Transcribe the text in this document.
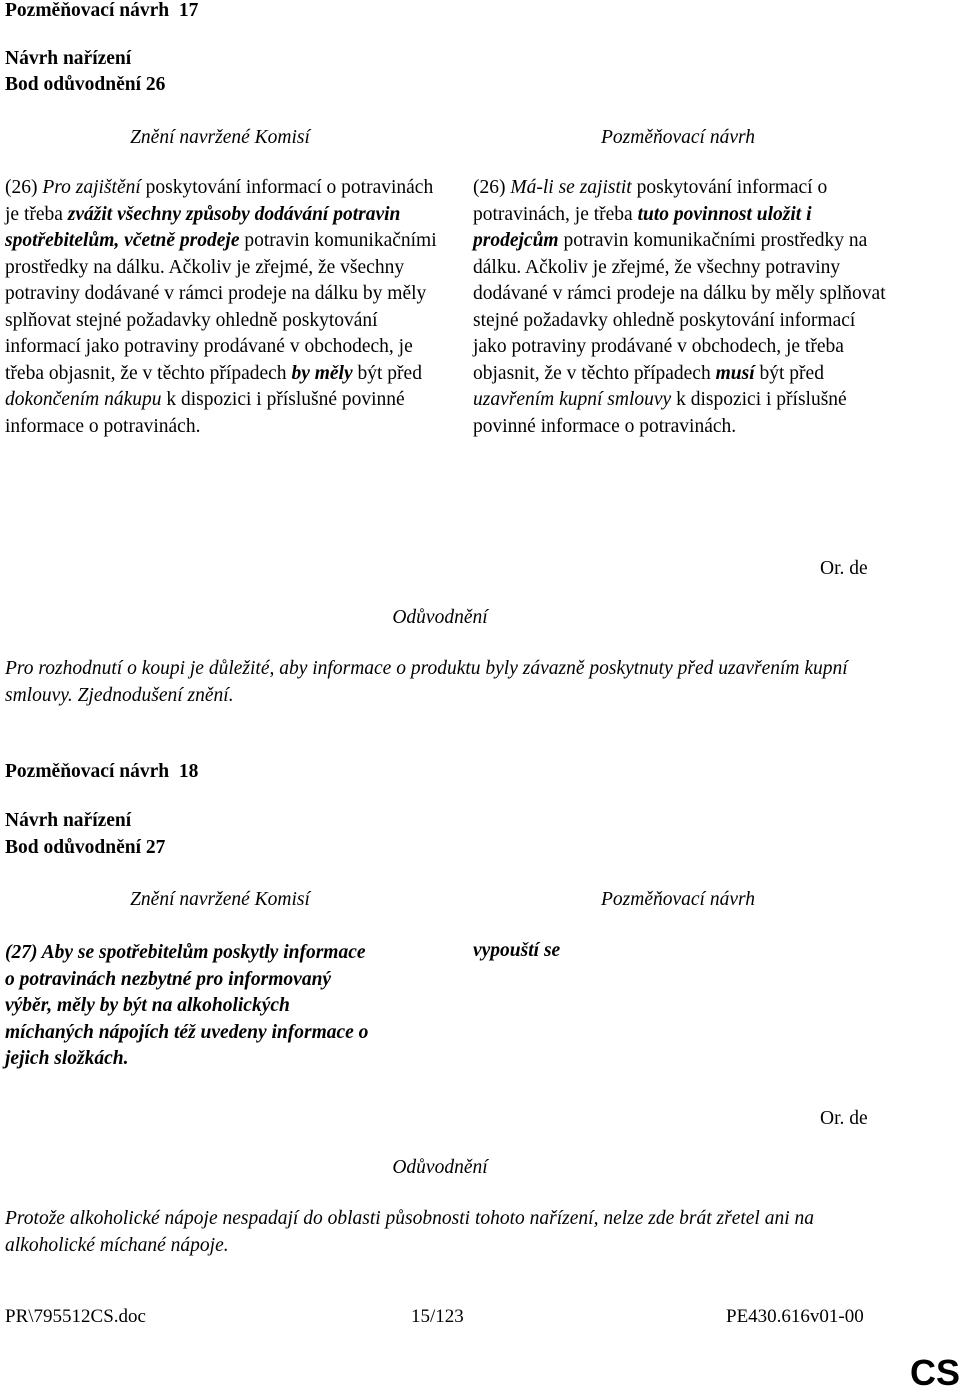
Pozměňovací návrh  17
Návrh nařízení
Bod odůvodnění 26
Znění navržené Komisí	Pozměňovací návrh
(26) Pro zajištění poskytování informací o potravinách je třeba zvážit všechny způsoby dodávání potravin spotřebitelům, včetně prodeje potravin komunikačními prostředky na dálku. Ačkoliv je zřejmé, že všechny potraviny dodávané v rámci prodeje na dálku by měly splňovat stejné požadavky ohledně poskytování informací jako potraviny prodávané v obchodech, je třeba objasnit, že v těchto případech by měly být před dokončením nákupu k dispozici i příslušné povinné informace o potravinách.
(26) Má-li se zajistit poskytování informací o potravinách, je třeba tuto povinnost uložit i prodejcům potravin komunikačními prostředky na dálku. Ačkoliv je zřejmé, že všechny potraviny dodávané v rámci prodeje na dálku by měly splňovat stejné požadavky ohledně poskytování informací jako potraviny prodávané v obchodech, je třeba objasnit, že v těchto případech musí být před uzavřením kupní smlouvy k dispozici i příslušné povinné informace o potravinách.
Or. de
Odůvodnění
Pro rozhodnutí o koupi je důležité, aby informace o produktu byly závazně poskytnuty před uzavřením kupní smlouvy. Zjednodušení znění.
Pozměňovací návrh  18
Návrh nařízení
Bod odůvodnění 27
Znění navržené Komisí	Pozměňovací návrh
(27) Aby se spotřebitelům poskytly informace o potravinách nezbytné pro informovaný výběr, měly by být na alkoholických míchaných nápojích též uvedeny informace o jejich složkách.
vypouští se
Or. de
Odůvodnění
Protože alkoholické nápoje nespadají do oblasti působnosti tohoto nařízení, nelze zde brát zřetel ani na alkoholické míchané nápoje.
PR\795512CS.doc	15/123	PE430.616v01-00
CS
